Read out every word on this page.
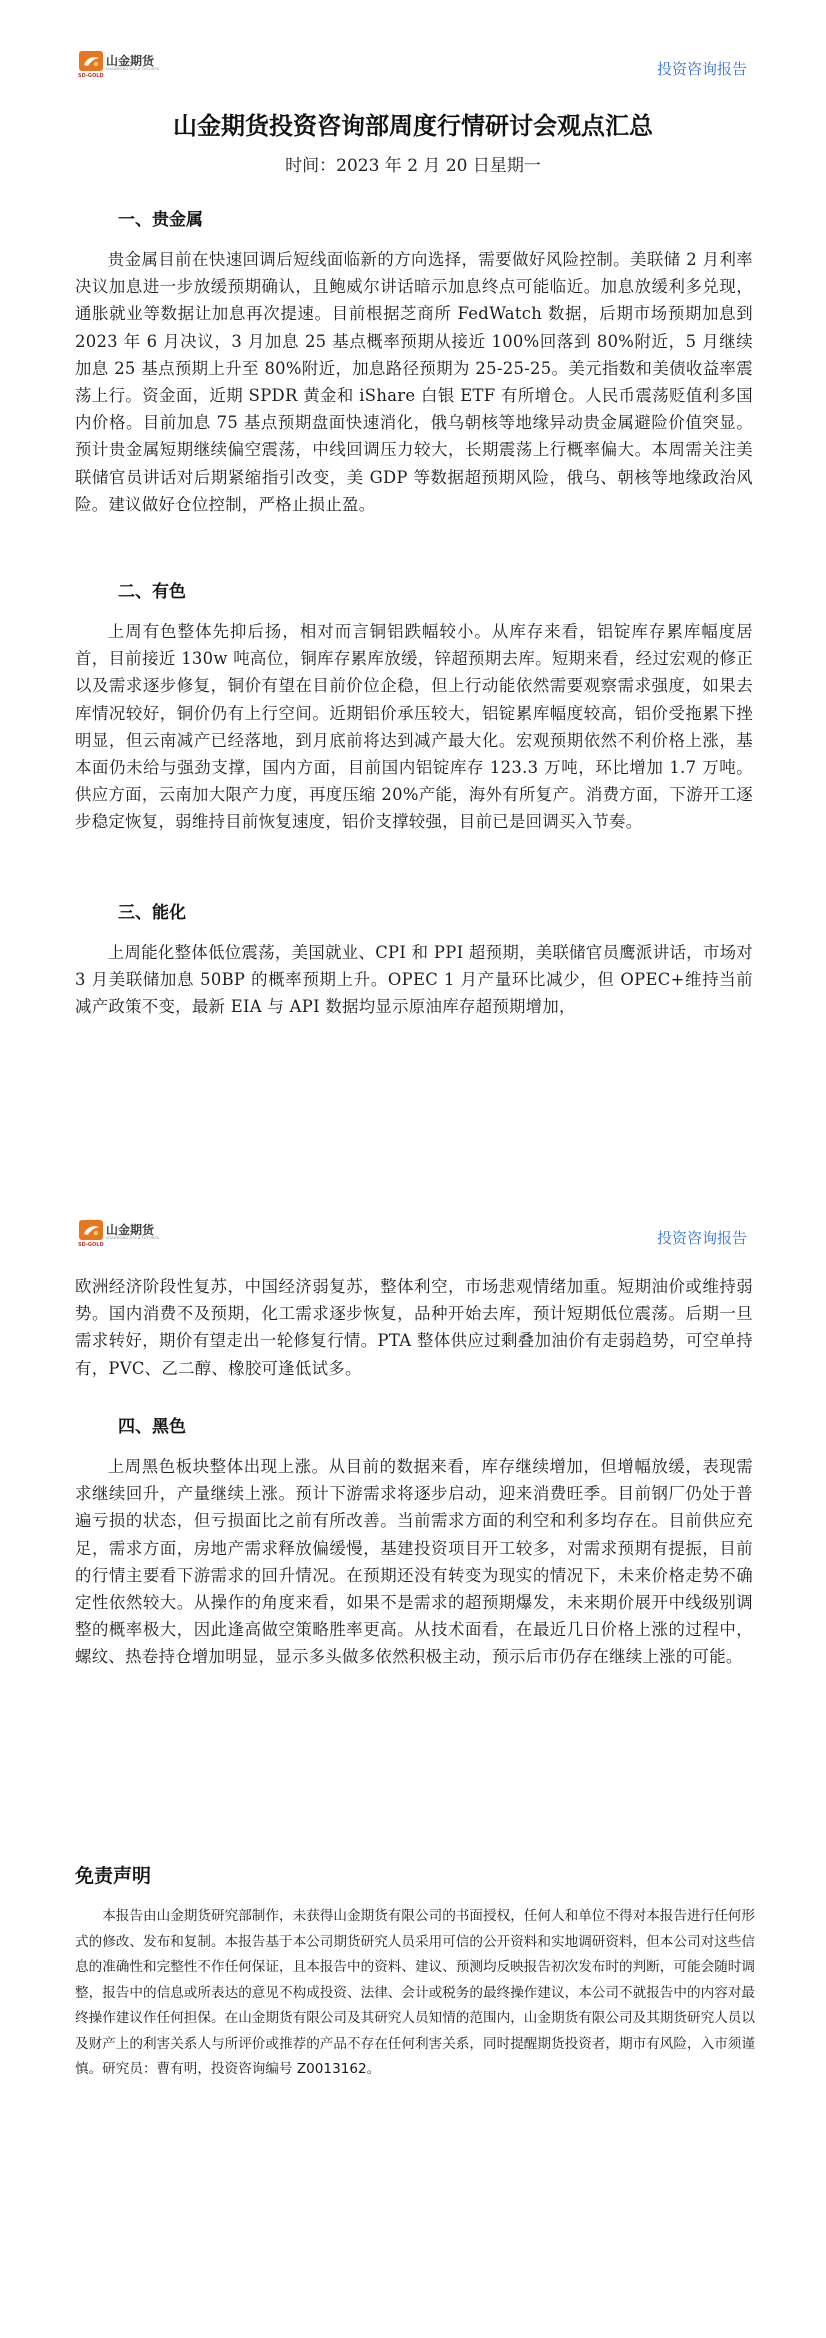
山金期货
SHANDONG GOLD FUTURES
SD-GOLD	投资咨询报告
山金期货投资咨询部周度行情研讨会观点汇总
时间：2023 年 2 月 20 日星期一
一、贵金属
贵金属目前在快速回调后短线面临新的方向选择，需要做好风险控制。美联储 2 月利率决议加息进一步放缓预期确认，且鲍威尔讲话暗示加息终点可能临近。加息放缓利多兑现，通胀就业等数据让加息再次提速。目前根据芝商所 FedWatch 数据，后期市场预期加息到 2023 年 6 月决议，3 月加息 25 基点概率预期从接近 100%回落到 80%附近，5 月继续加息 25 基点预期上升至 80%附近，加息路径预期为 25-25-25。美元指数和美债收益率震荡上行。资金面，近期 SPDR 黄金和 iShare 白银 ETF 有所增仓。人民币震荡贬值利多国内价格。目前加息 75 基点预期盘面快速消化，俄乌朝核等地缘异动贵金属避险价值突显。预计贵金属短期继续偏空震荡，中线回调压力较大，长期震荡上行概率偏大。本周需关注美联储官员讲话对后期紧缩指引改变，美 GDP 等数据超预期风险，俄乌、朝核等地缘政治风险。建议做好仓位控制，严格止损止盈。
二、有色
上周有色整体先抑后扬，相对而言铜铝跌幅较小。从库存来看，铝锭库存累库幅度居首，目前接近 130w 吨高位，铜库存累库放缓，锌超预期去库。短期来看，经过宏观的修正以及需求逐步修复，铜价有望在目前价位企稳，但上行动能依然需要观察需求强度，如果去库情况较好，铜价仍有上行空间。近期铝价承压较大，铝锭累库幅度较高，铝价受拖累下挫明显，但云南减产已经落地，到月底前将达到减产最大化。宏观预期依然不利价格上涨，基本面仍未给与强劲支撑，国内方面，目前国内铝锭库存 123.3 万吨，环比增加 1.7 万吨。供应方面，云南加大限产力度，再度压缩 20%产能，海外有所复产。消费方面，下游开工逐步稳定恢复，弱维持目前恢复速度，铝价支撑较强，目前已是回调买入节奏。
三、能化
上周能化整体低位震荡，美国就业、CPI 和 PPI 超预期，美联储官员鹰派讲话，市场对 3 月美联储加息 50BP 的概率预期上升。OPEC 1 月产量环比减少，但 OPEC+维持当前减产政策不变，最新 EIA 与 API 数据均显示原油库存超预期增加，
山金期货
SHANDONG GOLD FUTURES
SD-GOLD	投资咨询报告
欧洲经济阶段性复苏，中国经济弱复苏，整体利空，市场悲观情绪加重。短期油价或维持弱势。国内消费不及预期，化工需求逐步恢复，品种开始去库，预计短期低位震荡。后期一旦需求转好，期价有望走出一轮修复行情。PTA 整体供应过剩叠加油价有走弱趋势，可空单持有，PVC、乙二醇、橡胶可逢低试多。
四、黑色
上周黑色板块整体出现上涨。从目前的数据来看，库存继续增加，但增幅放缓，表现需求继续回升，产量继续上涨。预计下游需求将逐步启动，迎来消费旺季。目前钢厂仍处于普遍亏损的状态，但亏损面比之前有所改善。当前需求方面的利空和利多均存在。目前供应充足，需求方面，房地产需求释放偏缓慢，基建投资项目开工较多，对需求预期有提振，目前的行情主要看下游需求的回升情况。在预期还没有转变为现实的情况下，未来价格走势不确定性依然较大。从操作的角度来看，如果不是需求的超预期爆发，未来期价展开中线级别调整的概率极大，因此逢高做空策略胜率更高。从技术面看，在最近几日价格上涨的过程中，螺纹、热卷持仓增加明显，显示多头做多依然积极主动，预示后市仍存在继续上涨的可能。
免责声明
本报告由山金期货研究部制作，未获得山金期货有限公司的书面授权，任何人和单位不得对本报告进行任何形式的修改、发布和复制。本报告基于本公司期货研究人员采用可信的公开资料和实地调研资料，但本公司对这些信息的准确性和完整性不作任何保证，且本报告中的资料、建议、预测均反映报告初次发布时的判断，可能会随时调整，报告中的信息或所表达的意见不构成投资、法律、会计或税务的最终操作建议，本公司不就报告中的内容对最终操作建议作任何担保。在山金期货有限公司及其研究人员知情的范围内，山金期货有限公司及其期货研究人员以及财产上的利害关系人与所评价或推荐的产品不存在任何利害关系，同时提醒期货投资者，期市有风险，入市须谨慎。研究员：曹有明，投资咨询编号 Z0013162。
